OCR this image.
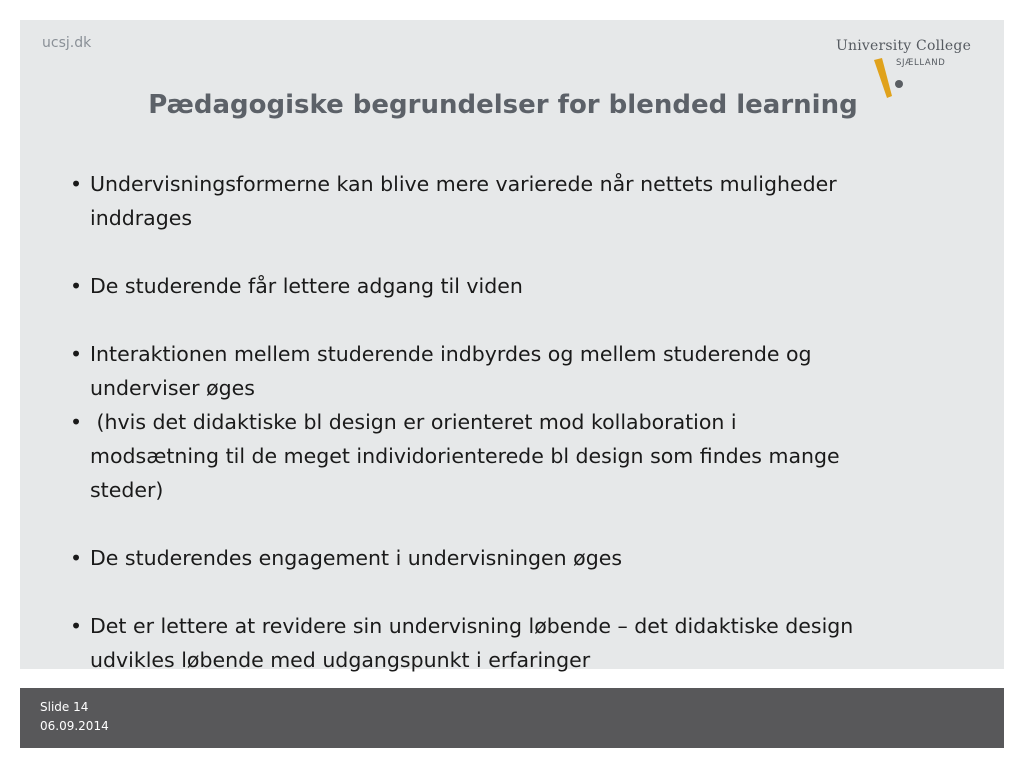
ucsj.dk	University College
SJÆLLAND
Pædagogiske begrundelser for blended learning
• Undervisningsformerne kan blive mere varierede når nettets muligheder
inddrages
• De studerende får lettere adgang til viden
• Interaktionen mellem studerende indbyrdes og mellem studerende og
underviser øges
• (hvis det didaktiske bl design er orienteret mod kollaboration i
modsætning til de meget individorienterede bl design som findes mange
steder)
• De studerendes engagement i undervisningen øges
• Det er lettere at revidere sin undervisning løbende – det didaktiske design
udvikles løbende med udgangspunkt i erfaringer
Slide 14
06.09.2014
